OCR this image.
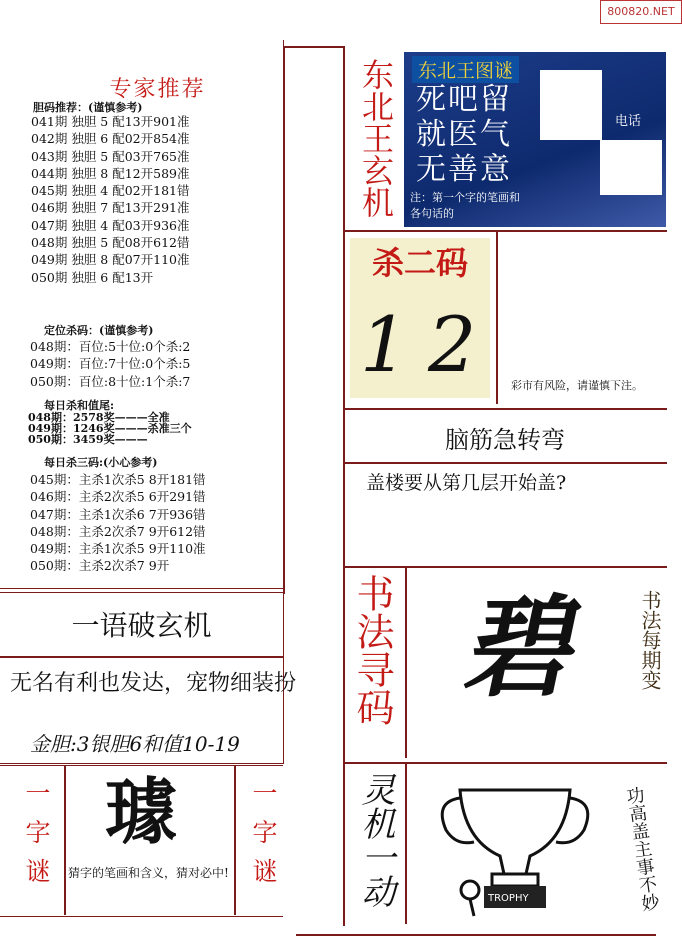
800820.NET
专家推荐
胆码推荐：(谨慎参考)
041期 独胆 5 配13开901准
042期 独胆 6 配02开854准
043期 独胆 5 配03开765准
044期 独胆 8 配12开589准
045期 独胆 4 配02开181错
046期 独胆 7 配13开291准
047期 独胆 4 配03开936准
048期 独胆 5 配08开612错
049期 独胆 8 配07开110准
050期 独胆 6 配13开
定位杀码：(谨慎参考)
048期：百位:5十位:0个杀:2
049期：百位:7十位:0个杀:5
050期：百位:8十位:1个杀:7
每日杀和值尾:
048期：2578奖———全准
049期：1246奖———杀准三个
050期：3459奖———
每日杀三码:(小心参考)
045期：主杀1次杀5 8开181错
046期：主杀2次杀5 6开291错
047期：主杀1次杀6 7开936错
048期：主杀2次杀7 9开612错
049期：主杀1次杀5 9开110准
050期：主杀2次杀7 9开
一语破玄机
无名有利也发达，宠物细装扮
金胆:3银胆6和值10-19
一字谜	一字谜
璩
猜字的笔画和含义，猜对必中!
东北王玄机	东北王图谜
死吧留
就医气
无善意
注：第一个字的笔画和各句话的
电话
杀二码
1 2	彩市有风险，请谨慎下注。
脑筋急转弯
盖楼要从第几层开始盖?
书法寻码 碧 书法每期变
灵机一动	TROPHY	功高盖主事不妙
